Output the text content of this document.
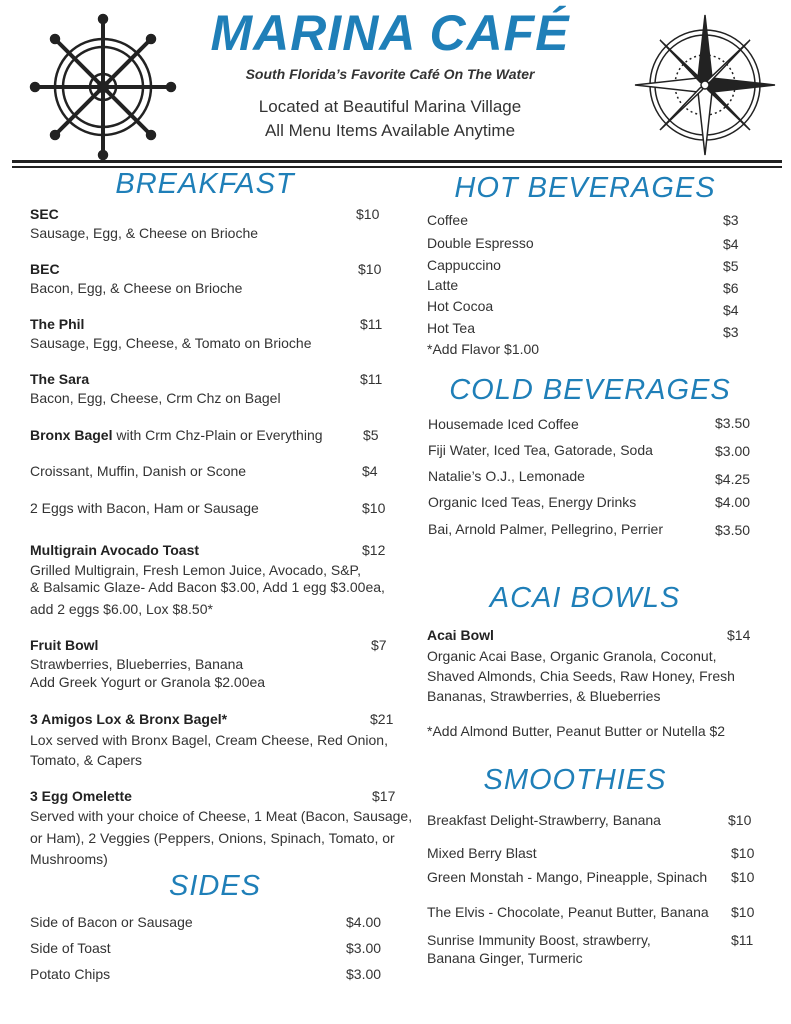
MARINA CAFÉ
South Florida’s Favorite Café On The Water
Located at Beautiful Marina Village
All Menu Items Available Anytime
BREAKFAST
SEC	$10
Sausage, Egg, & Cheese on Brioche
BEC	$10
Bacon, Egg, & Cheese on Brioche
The Phil	$11
Sausage, Egg, Cheese, & Tomato on Brioche
The Sara	$11
Bacon, Egg, Cheese, Crm Chz on Bagel
Bronx Bagel with Crm Chz-Plain or Everything	$5
Croissant, Muffin, Danish or Scone	$4
2 Eggs with Bacon, Ham or Sausage	$10
Multigrain Avocado Toast	$12
Grilled Multigrain, Fresh Lemon Juice, Avocado, S&P,
& Balsamic Glaze- Add Bacon $3.00, Add 1 egg $3.00ea,
add 2 eggs $6.00, Lox $8.50*
Fruit Bowl	$7
Strawberries, Blueberries, Banana
Add Greek Yogurt or Granola $2.00ea
3 Amigos Lox & Bronx Bagel*	$21
Lox served with Bronx Bagel, Cream Cheese, Red Onion,
Tomato, & Capers
3 Egg Omelette	$17
Served with your choice of Cheese, 1 Meat (Bacon, Sausage,
or Ham), 2 Veggies (Peppers, Onions, Spinach, Tomato, or
Mushrooms)
SIDES
Side of Bacon or Sausage	$4.00
Side of Toast	$3.00
Potato Chips	$3.00
HOT BEVERAGES
Coffee	$3
Double Espresso	$4
Cappuccino	$5
Latte	$6
Hot Cocoa	$4
Hot Tea	$3
*Add Flavor $1.00
COLD BEVERAGES
Housemade Iced Coffee	$3.50
Fiji Water, Iced Tea, Gatorade, Soda	$3.00
Natalie’s O.J., Lemonade	$4.25
Organic Iced Teas, Energy Drinks	$4.00
Bai, Arnold Palmer, Pellegrino, Perrier	$3.50
ACAI BOWLS
Acai Bowl	$14
Organic Acai Base, Organic Granola, Coconut,
Shaved Almonds, Chia Seeds, Raw Honey, Fresh
Bananas, Strawberries, & Blueberries
*Add Almond Butter, Peanut Butter or Nutella $2
SMOOTHIES
Breakfast Delight-Strawberry, Banana	$10
Mixed Berry Blast	$10
Green Monstah - Mango, Pineapple, Spinach $10
The Elvis - Chocolate, Peanut Butter, Banana $10
Sunrise Immunity Boost, strawberry,	$11
Banana Ginger, Turmeric
